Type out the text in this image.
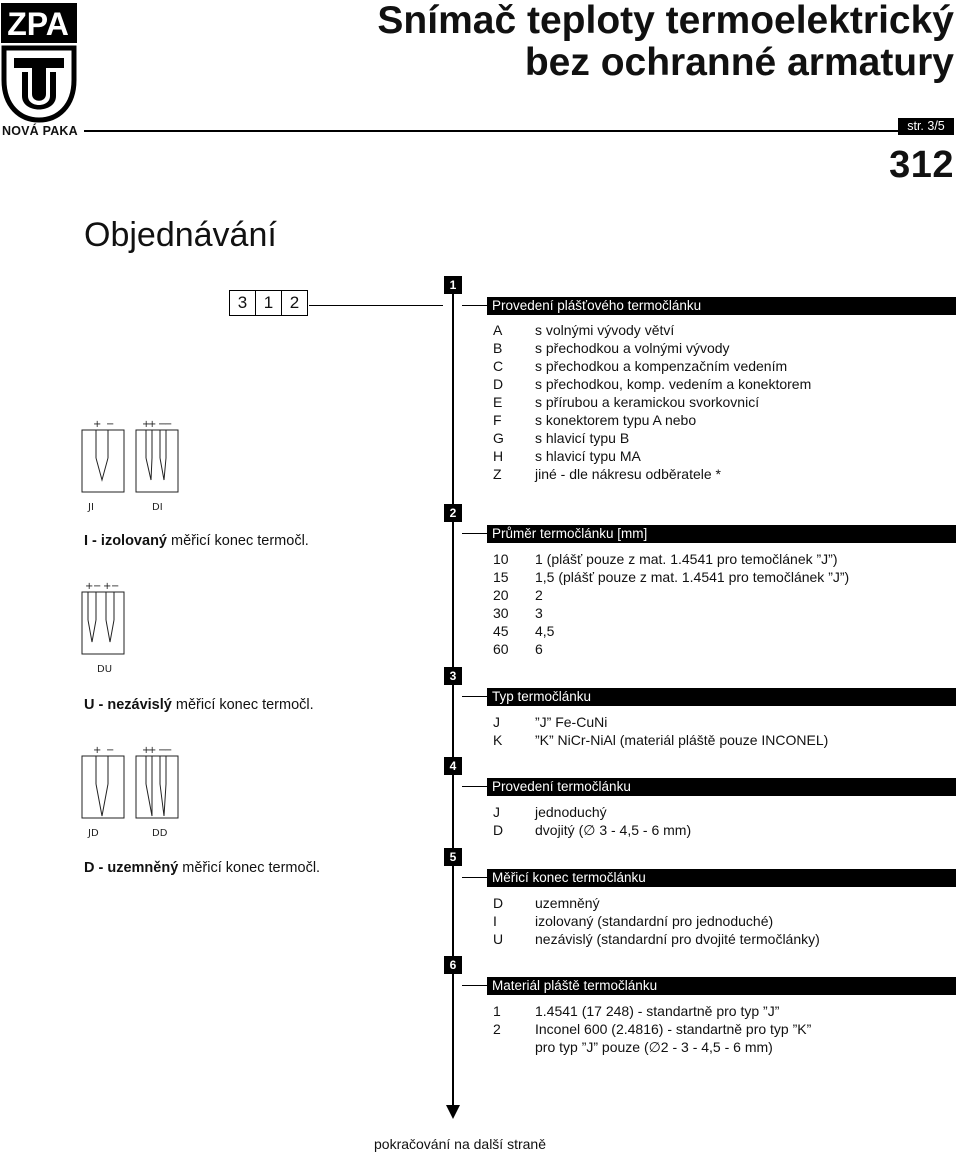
ZPA
NOVÁ PAKA
Snímač teploty termoelektrický
bez ochranné armatury
str. 3/5
312
Objednávání
3 1 2
1
Provedení plášťového termočlánku
A	s volnými vývody větví
B	s přechodkou a volnými vývody
C	s přechodkou a kompenzačním vedením
D	s přechodkou, komp. vedením a konektorem
E	s přírubou a keramickou svorkovnicí
F	s konektorem typu A nebo
G	s hlavicí typu B
H	s hlavicí typu MA
Z	jiné - dle nákresu odběratele *
2
Průměr termočlánku [mm]
10	1 (plášť pouze z mat. 1.4541 pro temočlánek ”J”)
15	1,5 (plášť pouze z mat. 1.4541 pro temočlánek ”J”)
20	2
30	3
45	4,5
60	6
3
Typ termočlánku
J	”J” Fe-CuNi
K	”K” NiCr-NiAl (materiál pláště pouze INCONEL)
4
Provedení termočlánku
J	jednoduchý
D	dvojitý (∅ 3 - 4,5 - 6 mm)
5
Měřicí konec termočlánku
D	uzemněný
I	izolovaný (standardní pro jednoduché)
U	nezávislý (standardní pro dvojité termočlánky)
6
Materiál pláště termočlánku
1	1.4541 (17 248) - standartně pro typ ”J”
2	Inconel 600 (2.4816) - standartně pro typ ”K”
pro typ ”J” pouze (∅2 - 3 - 4,5 - 6 mm)
+ −	+
+ −
−
JI	DI
I - izolovaný měřicí konec termočl.
+ − + −
DU
U - nezávislý měřicí konec termočl.
+ −	+
+ −
−
JD	DD
D - uzemněný měřicí konec termočl.
pokračování na další straně
